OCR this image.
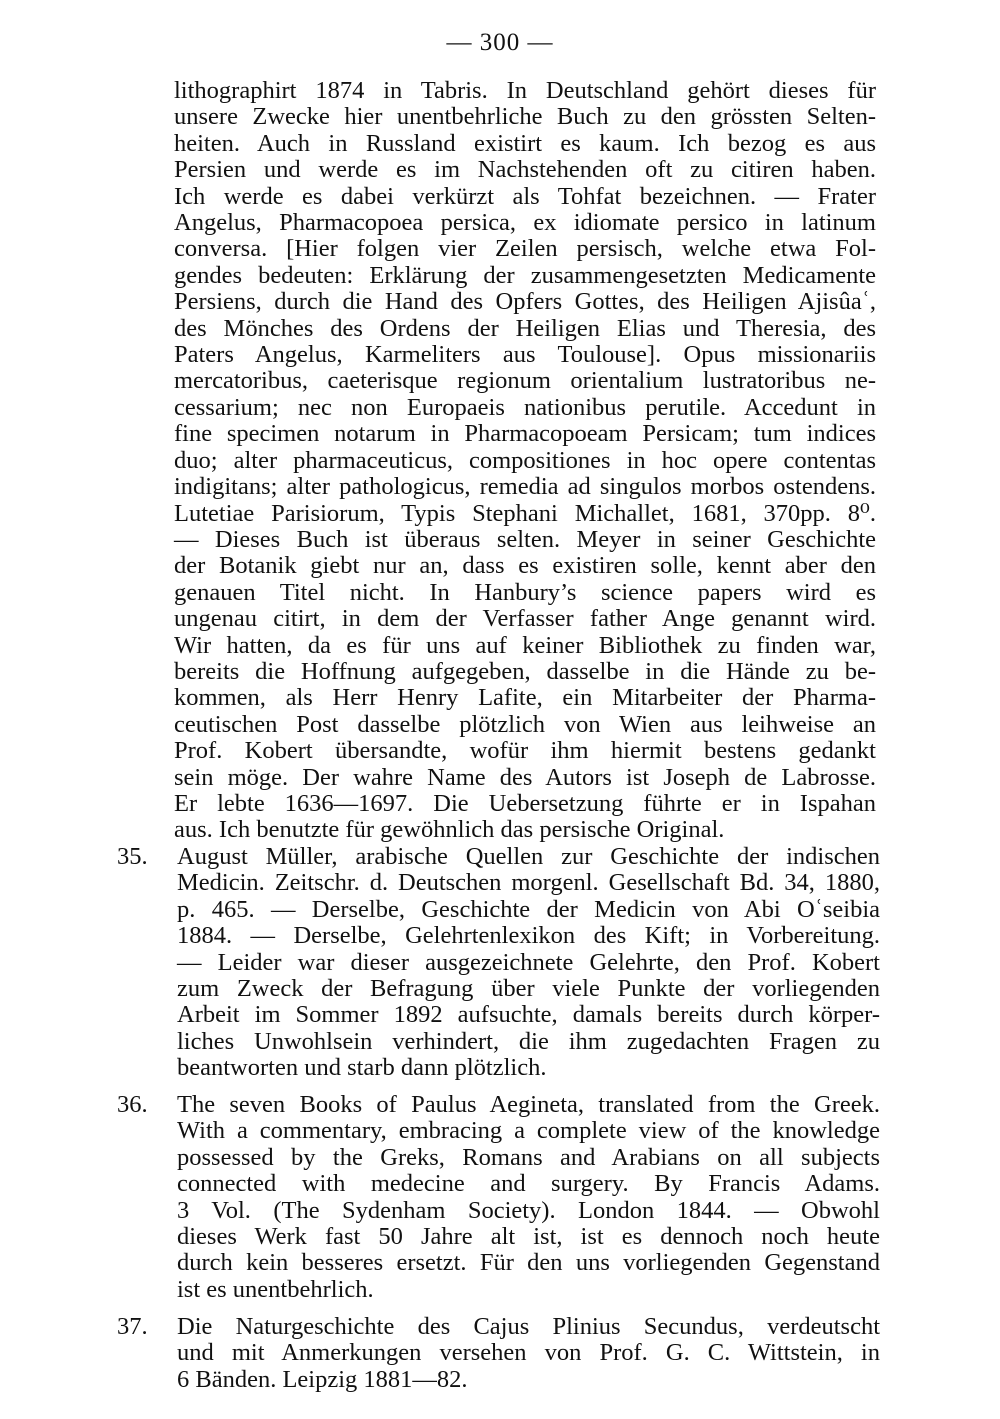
— 300 —
lithographirt 1874 in Tabris. In Deutschland gehört dieses für
unsere Zwecke hier unentbehrliche Buch zu den grössten Selten-
heiten. Auch in Russland existirt es kaum. Ich bezog es aus
Persien und werde es im Nachstehenden oft zu citiren haben.
Ich werde es dabei verkürzt als Tohfat bezeichnen. — Frater
Angelus, Pharmacopoea persica, ex idiomate persico in latinum
conversa. [Hier folgen vier Zeilen persisch, welche etwa Fol-
gendes bedeuten: Erklärung der zusammengesetzten Medicamente
Persiens, durch die Hand des Opfers Gottes, des Heiligen Ajisûaʿ,
des Mönches des Ordens der Heiligen Elias und Theresia, des
Paters Angelus, Karmeliters aus Toulouse]. Opus missionariis
mercatoribus, caeterisque regionum orientalium lustratoribus ne-
cessarium; nec non Europaeis nationibus perutile. Accedunt in
fine specimen notarum in Pharmacopoeam Persicam; tum indices
duo; alter pharmaceuticus, compositiones in hoc opere contentas
indigitans; alter pathologicus, remedia ad singulos morbos ostendens.
Lutetiae Parisiorum, Typis Stephani Michallet, 1681, 370pp. 8⁰.
— Dieses Buch ist überaus selten. Meyer in seiner Geschichte
der Botanik giebt nur an, dass es existiren solle, kennt aber den
genauen Titel nicht. In Hanbury’s science papers wird es
ungenau citirt, in dem der Verfasser father Ange genannt wird.
Wir hatten, da es für uns auf keiner Bibliothek zu finden war,
bereits die Hoffnung aufgegeben, dasselbe in die Hände zu be-
kommen, als Herr Henry Lafite, ein Mitarbeiter der Pharma-
ceutischen Post dasselbe plötzlich von Wien aus leihweise an
Prof. Kobert übersandte, wofür ihm hiermit bestens gedankt
sein möge. Der wahre Name des Autors ist Joseph de Labrosse.
Er lebte 1636—1697. Die Uebersetzung führte er in Ispahan
aus. Ich benutzte für gewöhnlich das persische Original.
35. August Müller, arabische Quellen zur Geschichte der indischen
Medicin. Zeitschr. d. Deutschen morgenl. Gesellschaft Bd. 34, 1880,
p. 465. — Derselbe, Geschichte der Medicin von Abi Oʿseibia
1884. — Derselbe, Gelehrtenlexikon des Kift; in Vorbereitung.
— Leider war dieser ausgezeichnete Gelehrte, den Prof. Kobert
zum Zweck der Befragung über viele Punkte der vorliegenden
Arbeit im Sommer 1892 aufsuchte, damals bereits durch körper-
liches Unwohlsein verhindert, die ihm zugedachten Fragen zu
beantworten und starb dann plötzlich.
36. The seven Books of Paulus Aegineta, translated from the Greek.
With a commentary, embracing a complete view of the knowledge
possessed by the Greks, Romans and Arabians on all subjects
connected with medecine and surgery. By Francis Adams.
3 Vol. (The Sydenham Society). London 1844. — Obwohl
dieses Werk fast 50 Jahre alt ist, ist es dennoch noch heute
durch kein besseres ersetzt. Für den uns vorliegenden Gegenstand
ist es unentbehrlich.
37. Die Naturgeschichte des Cajus Plinius Secundus, verdeutscht
und mit Anmerkungen versehen von Prof. G. C. Wittstein, in
6 Bänden. Leipzig 1881—82.
